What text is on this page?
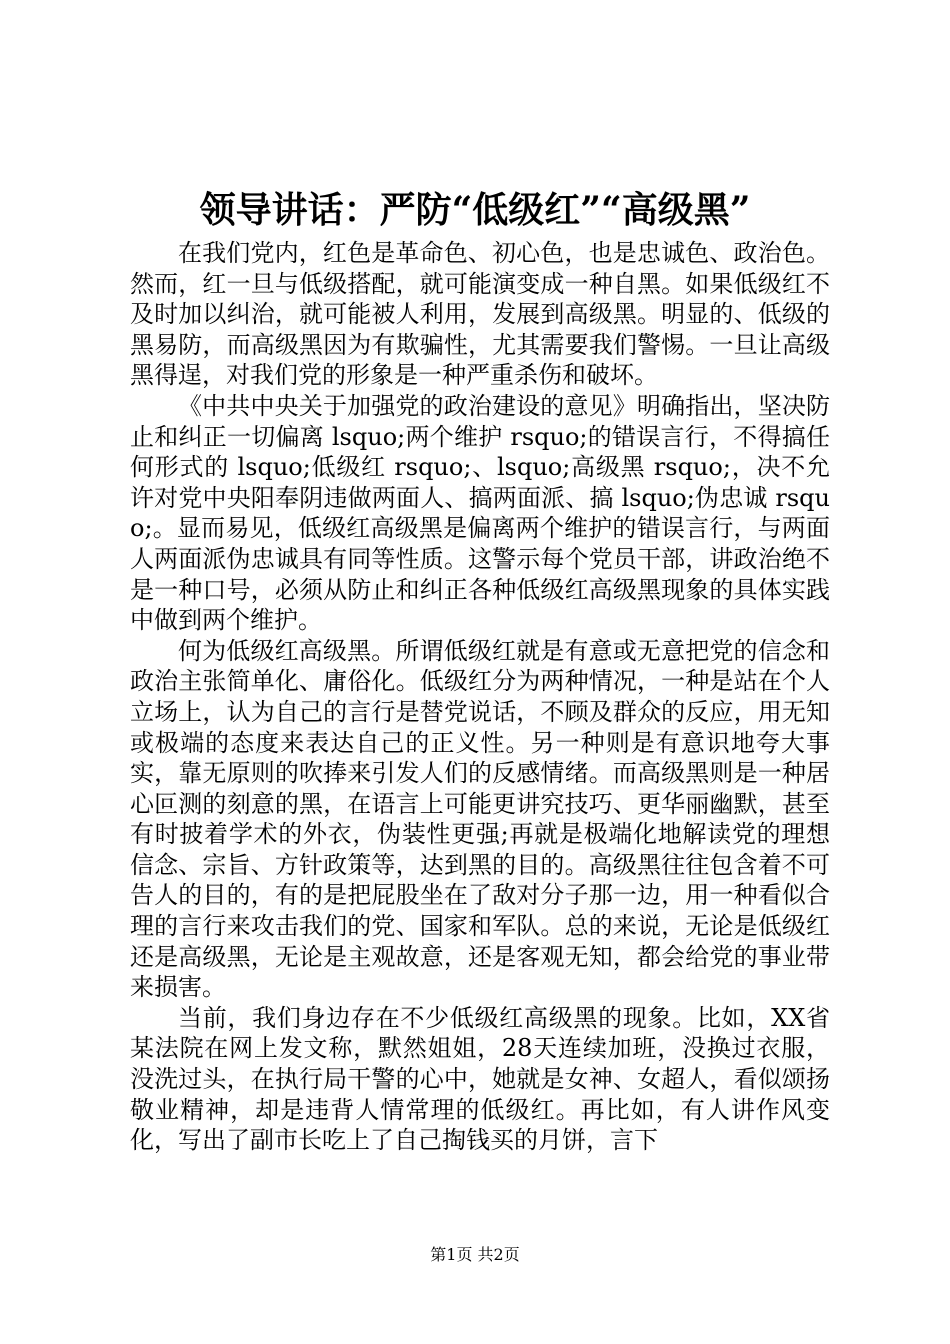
领导讲话：严防“低级红”“高级黑”

在我们党内，红色是革命色、初心色，也是忠诚色、政治色。然而，红一旦与低级搭配，就可能演变成一种自黑。如果低级红不及时加以纠治，就可能被人利用，发展到高级黑。明显的、低级的黑易防，而高级黑因为有欺骗性，尤其需要我们警惕。一旦让高级黑得逞，对我们党的形象是一种严重杀伤和破坏。

《中共中央关于加强党的政治建设的意见》明确指出，坚决防止和纠正一切偏离 lsquo;两个维护 rsquo;的错误言行，不得搞任何形式的 lsquo;低级红 rsquo;、lsquo;高级黑 rsquo;，决不允许对党中央阳奉阴违做两面人、搞两面派、搞 lsquo;伪忠诚 rsquo;。显而易见，低级红高级黑是偏离两个维护的错误言行，与两面人两面派伪忠诚具有同等性质。这警示每个党员干部，讲政治绝不是一种口号，必须从防止和纠正各种低级红高级黑现象的具体实践中做到两个维护。

何为低级红高级黑。所谓低级红就是有意或无意把党的信念和政治主张简单化、庸俗化。低级红分为两种情况，一种是站在个人立场上，认为自己的言行是替党说话，不顾及群众的反应，用无知或极端的态度来表达自己的正义性。另一种则是有意识地夸大事实，靠无原则的吹捧来引发人们的反感情绪。而高级黑则是一种居心叵测的刻意的黑，在语言上可能更讲究技巧、更华丽幽默，甚至有时披着学术的外衣，伪装性更强;再就是极端化地解读党的理想信念、宗旨、方针政策等，达到黑的目的。高级黑往往包含着不可告人的目的，有的是把屁股坐在了敌对分子那一边，用一种看似合理的言行来攻击我们的党、国家和军队。总的来说，无论是低级红还是高级黑，无论是主观故意，还是客观无知，都会给党的事业带来损害。

当前，我们身边存在不少低级红高级黑的现象。比如，XX省某法院在网上发文称，默然姐姐，28天连续加班，没换过衣服，没洗过头，在执行局干警的心中，她就是女神、女超人，看似颂扬敬业精神，却是违背人情常理的低级红。再比如，有人讲作风变化，写出了副市长吃上了自己掏钱买的月饼，言下

第1页 共2页
